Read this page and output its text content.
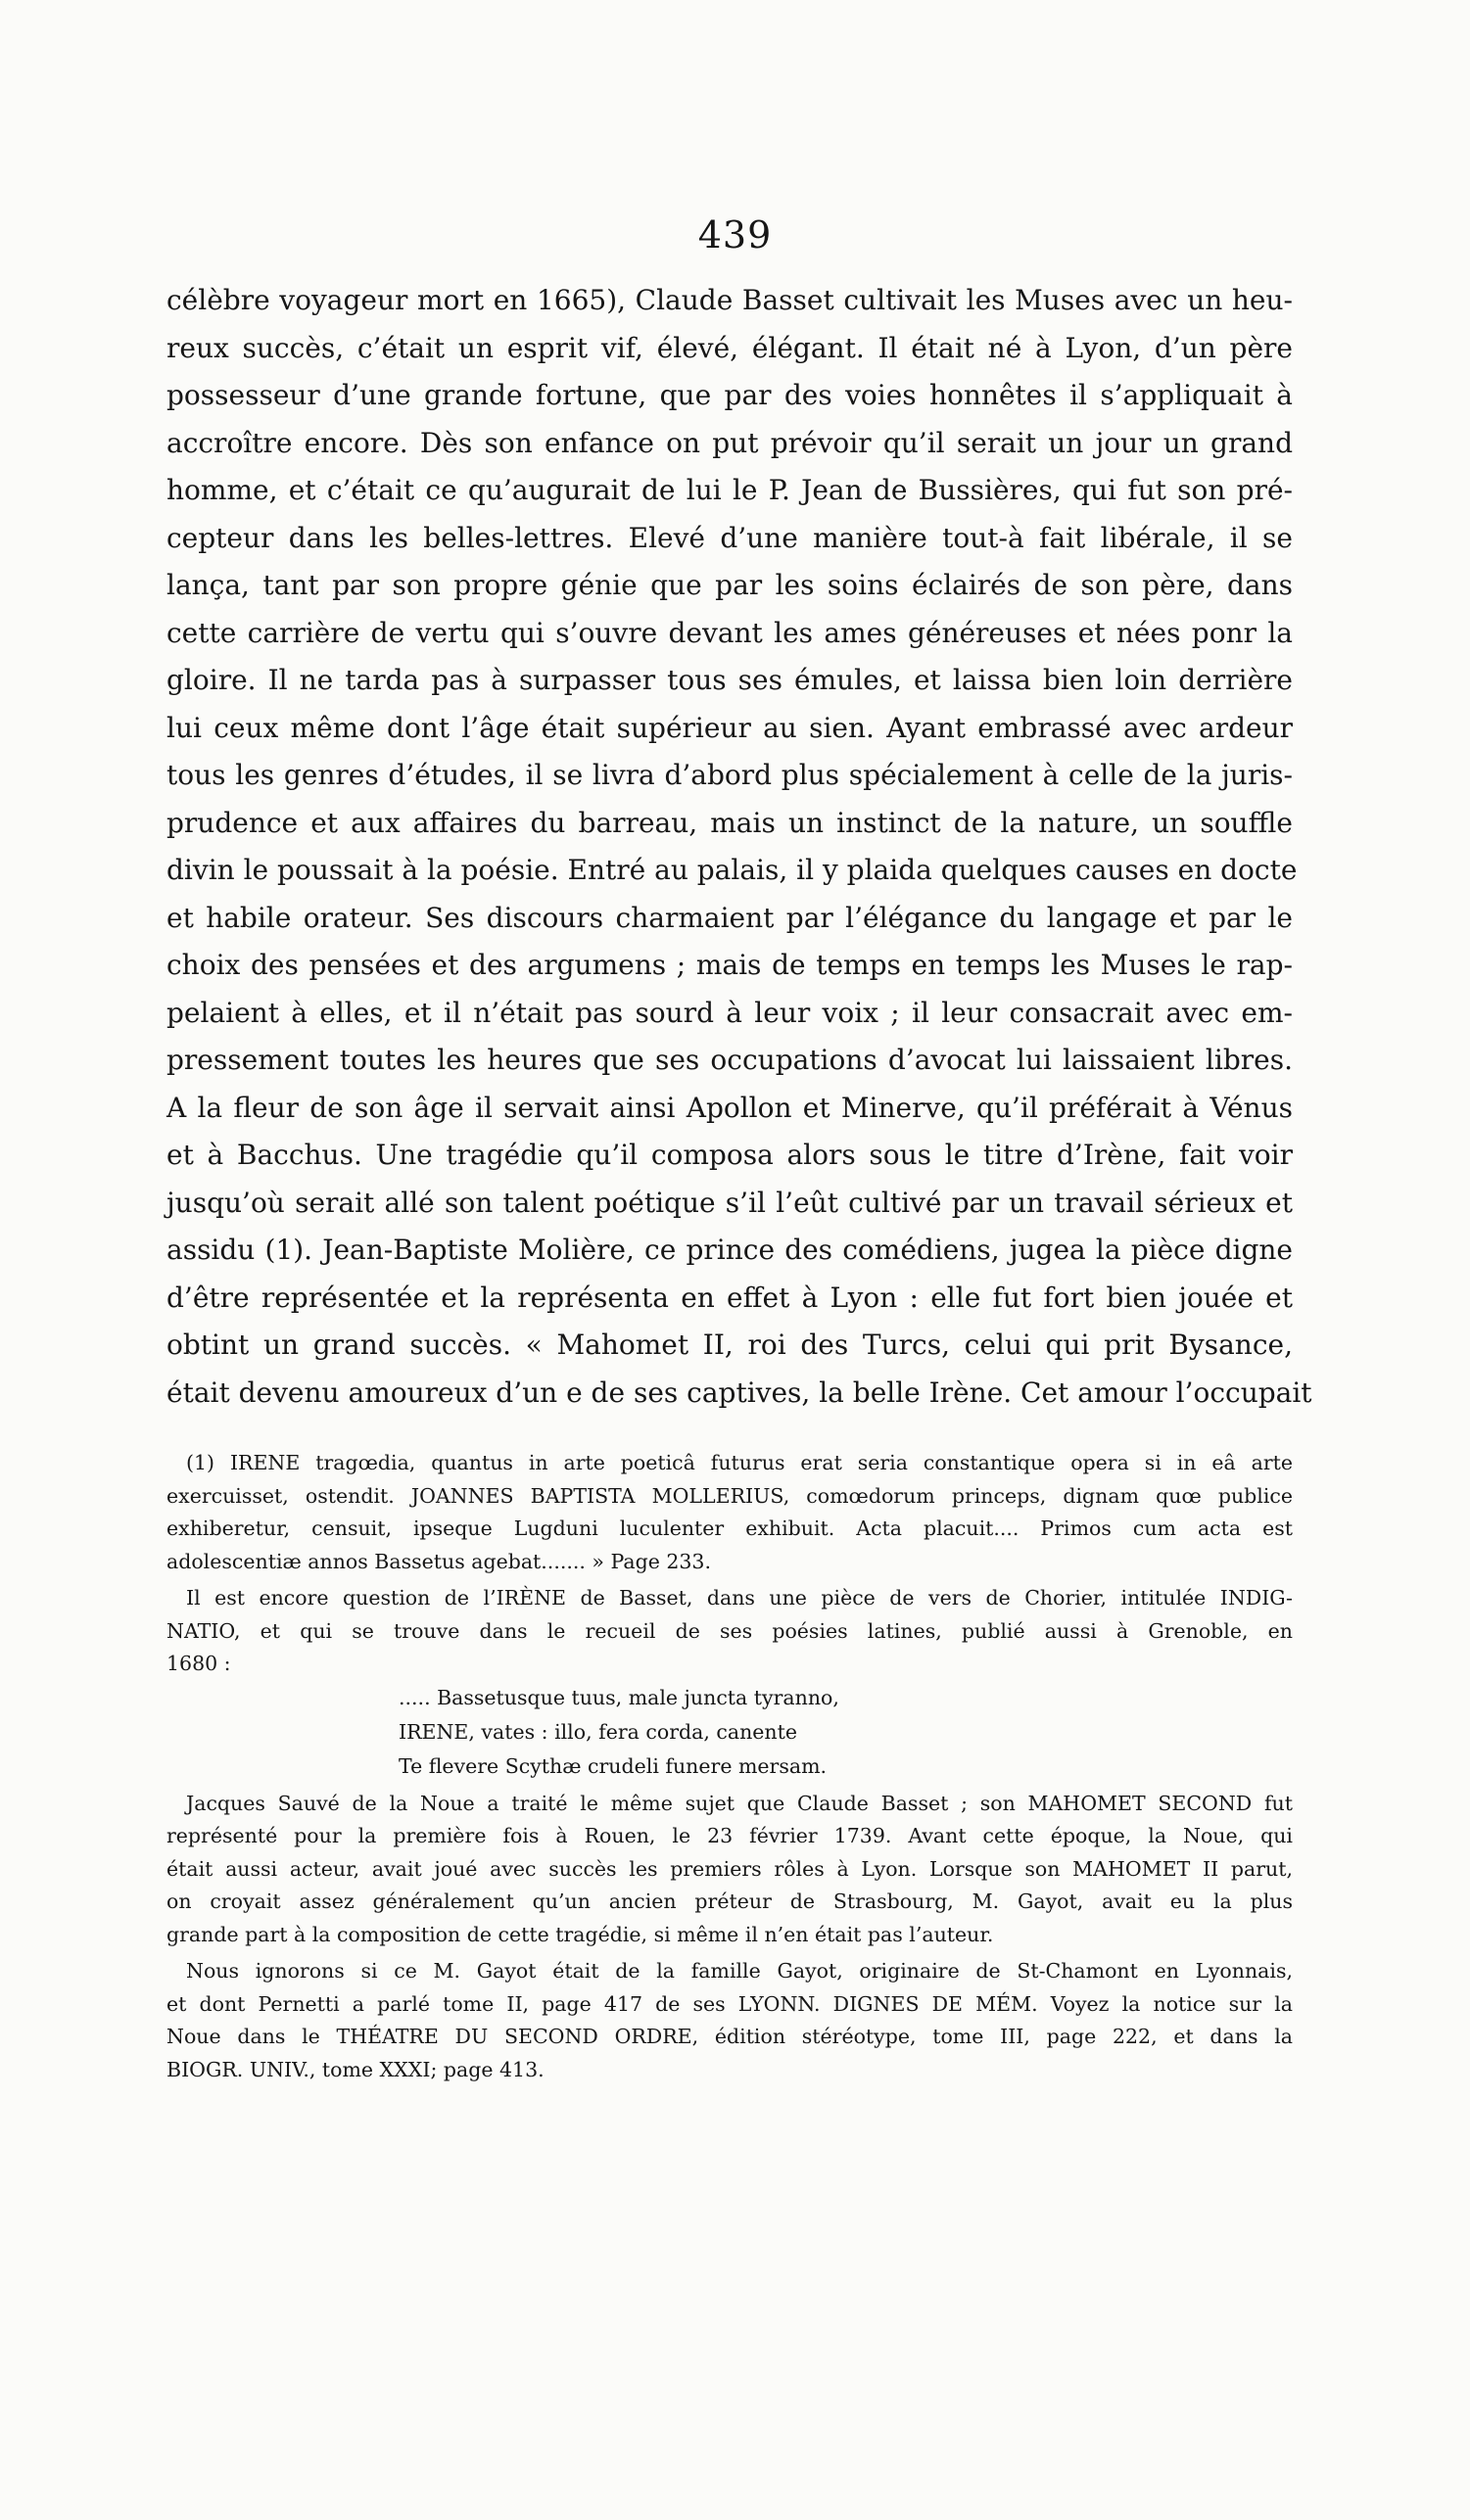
439
célèbre voyageur mort en 1665), Claude Basset cultivait les Muses avec un heu-
reux succès, c’était un esprit vif, élevé, élégant. Il était né à Lyon, d’un père
possesseur d’une grande fortune, que par des voies honnêtes il s’appliquait à
accroître encore. Dès son enfance on put prévoir qu’il serait un jour un grand
homme, et c’était ce qu’augurait de lui le P. Jean de Bussières, qui fut son pré-
cepteur dans les belles-lettres. Elevé d’une manière tout-à fait libérale, il se
lança, tant par son propre génie que par les soins éclairés de son père, dans
cette carrière de vertu qui s’ouvre devant les ames généreuses et nées ponr la
gloire. Il ne tarda pas à surpasser tous ses émules, et laissa bien loin derrière
lui ceux même dont l’âge était supérieur au sien. Ayant embrassé avec ardeur
tous les genres d’études, il se livra d’abord plus spécialement à celle de la juris-
prudence et aux affaires du barreau, mais un instinct de la nature, un souffle
divin le poussait à la poésie. Entré au palais, il y plaida quelques causes en docte
et habile orateur. Ses discours charmaient par l’élégance du langage et par le
choix des pensées et des argumens ; mais de temps en temps les Muses le rap-
pelaient à elles, et il n’était pas sourd à leur voix ; il leur consacrait avec em-
pressement toutes les heures que ses occupations d’avocat lui laissaient libres.
A la fleur de son âge il servait ainsi Apollon et Minerve, qu’il préférait à Vénus
et à Bacchus. Une tragédie qu’il composa alors sous le titre d’Irène, fait voir
jusqu’où serait allé son talent poétique s’il l’eût cultivé par un travail sérieux et
assidu (1). Jean-Baptiste Molière, ce prince des comédiens, jugea la pièce digne
d’être représentée et la représenta en effet à Lyon : elle fut fort bien jouée et
obtint un grand succès. « Mahomet II, roi des Turcs, celui qui prit Bysance,
était devenu amoureux d’un e de ses captives, la belle Irène. Cet amour l’occupait
(1) IRENE tragœdia, quantus in arte poeticâ futurus erat seria constantique opera si in eâ arte
exercuisset, ostendit. JOANNES BAPTISTA MOLLERIUS, comœdorum princeps, dignam quœ publice
exhiberetur, censuit, ipseque Lugduni luculenter exhibuit. Acta placuit.... Primos cum acta est
adolescentiæ annos Bassetus agebat....... » Page 233.
Il est encore question de l’IRÈNE de Basset, dans une pièce de vers de Chorier, intitulée INDIG-
NATIO, et qui se trouve dans le recueil de ses poésies latines, publié aussi à Grenoble, en
1680 :
..... Bassetusque tuus, male juncta tyranno,
IRENE, vates : illo, fera corda, canente
Te flevere Scythæ crudeli funere mersam.
Jacques Sauvé de la Noue a traité le même sujet que Claude Basset ; son MAHOMET SECOND fut
représenté pour la première fois à Rouen, le 23 février 1739. Avant cette époque, la Noue, qui
était aussi acteur, avait joué avec succès les premiers rôles à Lyon. Lorsque son MAHOMET II parut,
on croyait assez généralement qu’un ancien préteur de Strasbourg, M. Gayot, avait eu la plus
grande part à la composition de cette tragédie, si même il n’en était pas l’auteur.
Nous ignorons si ce M. Gayot était de la famille Gayot, originaire de St-Chamont en Lyonnais,
et dont Pernetti a parlé tome II, page 417 de ses LYONN. DIGNES DE MÉM. Voyez la notice sur la
Noue dans le THÉATRE DU SECOND ORDRE, édition stéréotype, tome III, page 222, et dans la
BIOGR. UNIV., tome XXXI; page 413.
